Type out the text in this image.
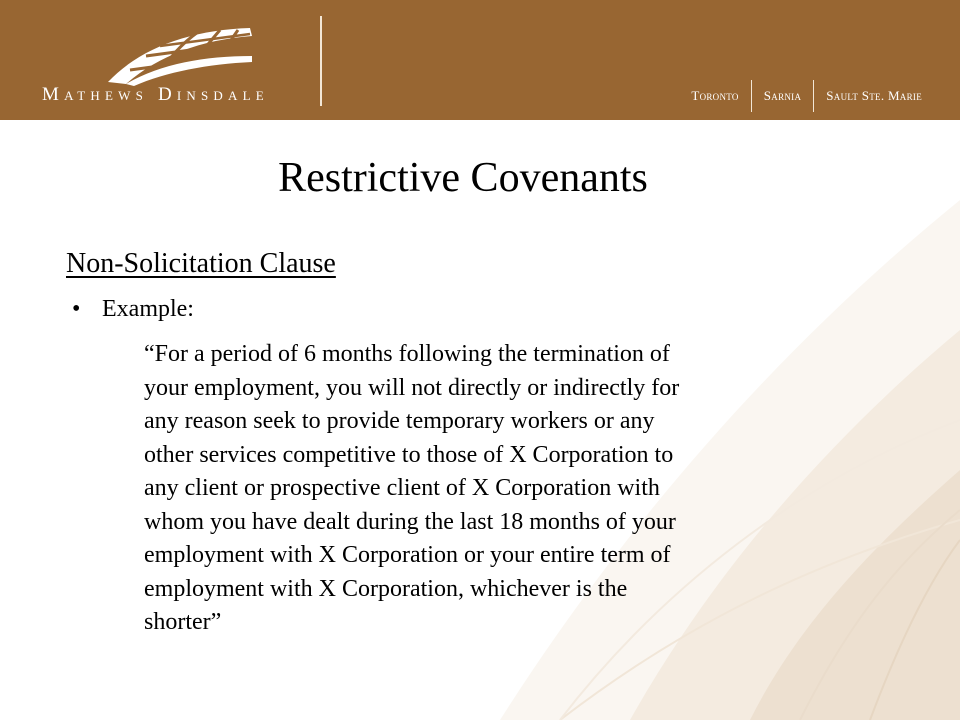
Mathews Dinsdale	Toronto	Sarnia	Sault Ste. Marie
Restrictive Covenants
Non-Solicitation Clause
• Example:
“For a period of 6 months following the termination of
your employment, you will not directly or indirectly for
any reason seek to provide temporary workers or any
other services competitive to those of X Corporation to
any client or prospective client of X Corporation with
whom you have dealt during the last 18 months of your
employment with X Corporation or your entire term of
employment with X Corporation, whichever is the
shorter”
